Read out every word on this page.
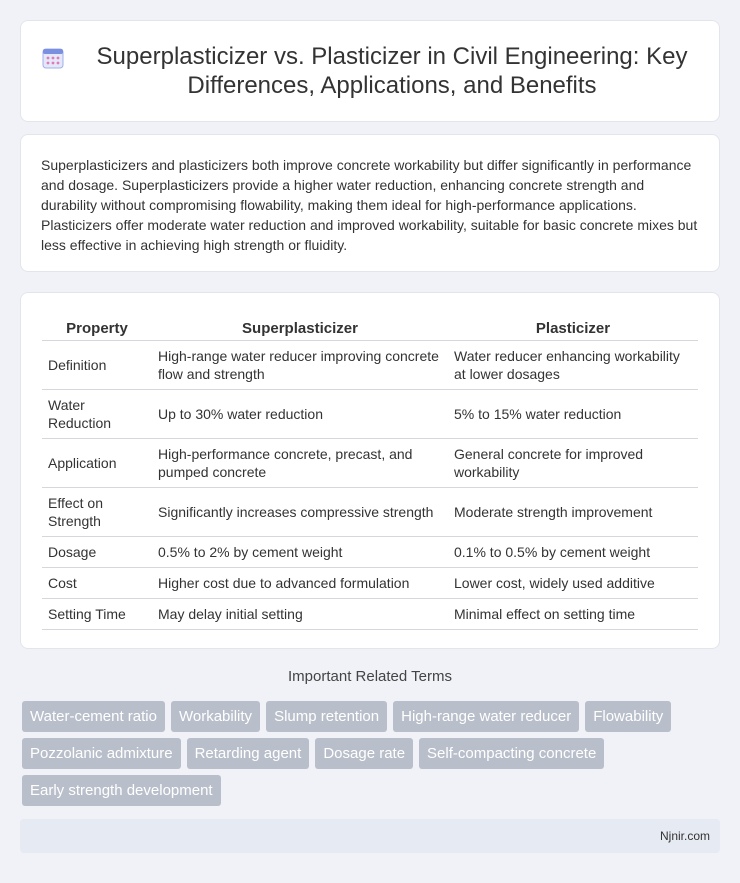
Superplasticizer vs. Plasticizer in Civil Engineering: Key Differences, Applications, and Benefits

Superplasticizers and plasticizers both improve concrete workability but differ significantly in performance and dosage. Superplasticizers provide a higher water reduction, enhancing concrete strength and durability without compromising flowability, making them ideal for high-performance applications. Plasticizers offer moderate water reduction and improved workability, suitable for basic concrete mixes but less effective in achieving high strength or fluidity.

Property	Superplasticizer	Plasticizer
Definition	High-range water reducer improving concrete flow and strength	Water reducer enhancing workability at lower dosages
Water Reduction	Up to 30% water reduction	5% to 15% water reduction
Application	High-performance concrete, precast, and pumped concrete	General concrete for improved workability
Effect on Strength	Significantly increases compressive strength	Moderate strength improvement
Dosage	0.5% to 2% by cement weight	0.1% to 0.5% by cement weight
Cost	Higher cost due to advanced formulation	Lower cost, widely used additive
Setting Time	May delay initial setting	Minimal effect on setting time
Important Related Terms
Water-cement ratio	Workability	Slump retention	High-range water reducer	Flowability
Pozzolanic admixture	Retarding agent	Dosage rate	Self-compacting concrete
Early strength development
Njnir.com
